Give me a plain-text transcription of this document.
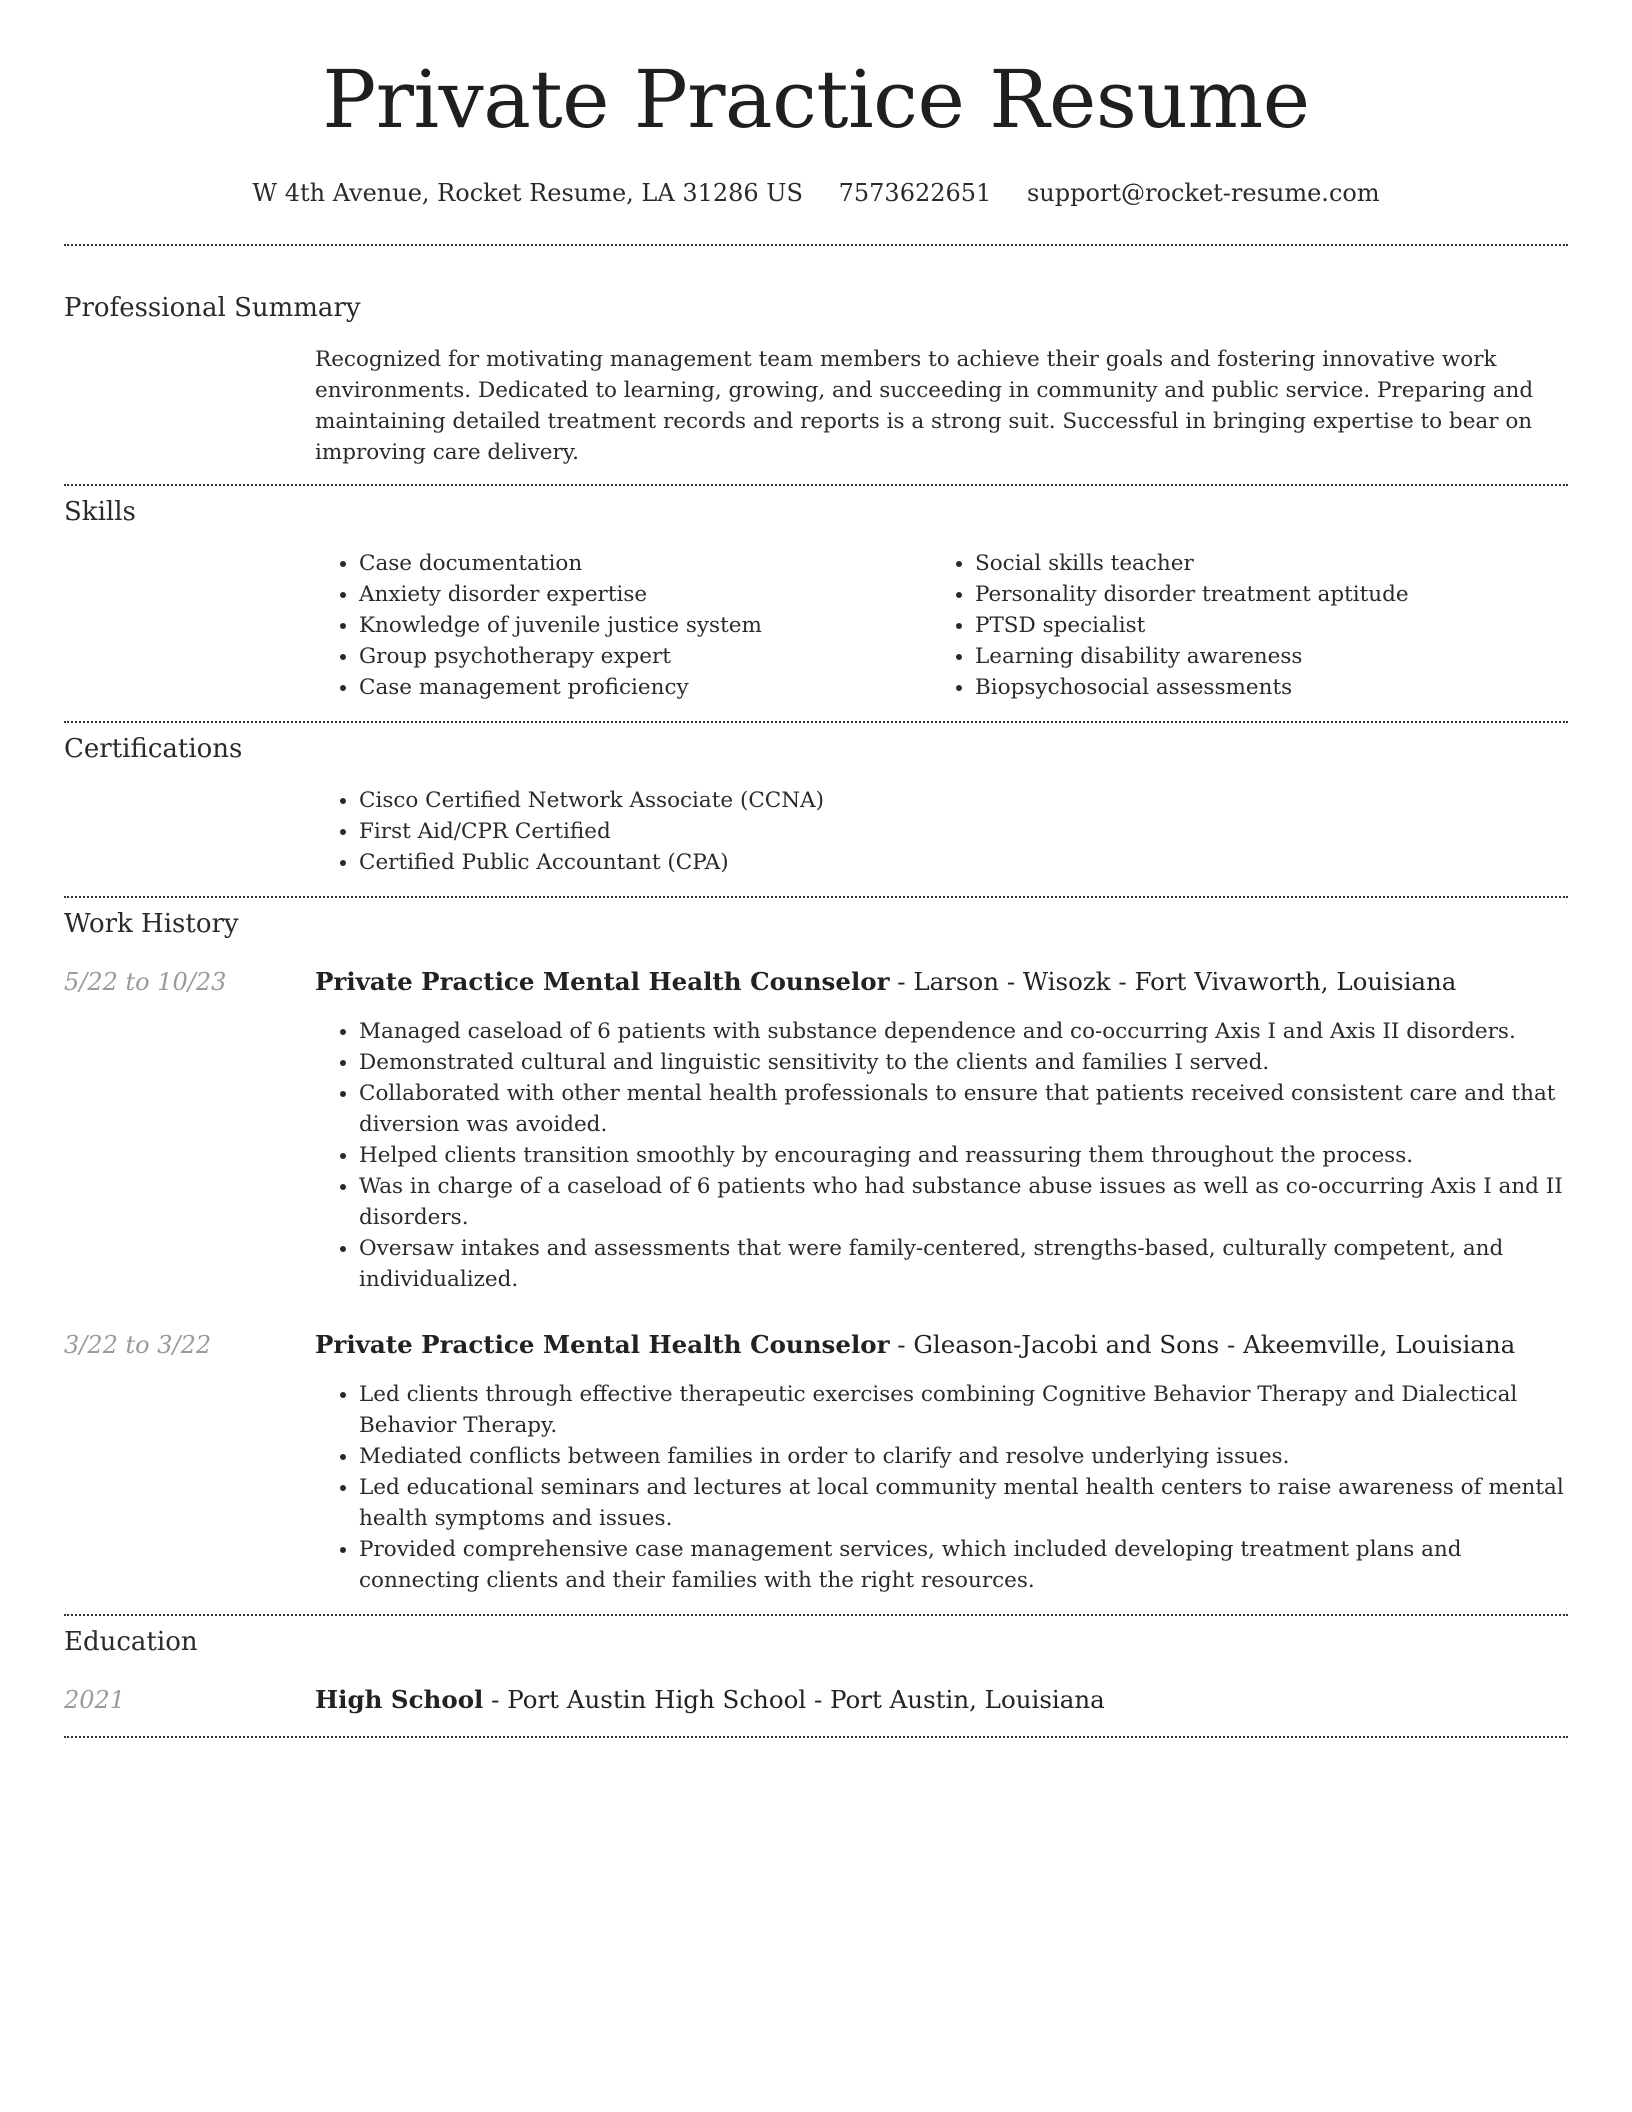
Private Practice Resume
W 4th Avenue, Rocket Resume, LA 31286 US 7573622651 support@rocket-resume.com
Professional Summary

Recognized for motivating management team members to achieve their goals and fostering innovative work environments. Dedicated to learning, growing, and succeeding in community and public service. Preparing and maintaining detailed treatment records and reports is a strong suit. Successful in bringing expertise to bear on improving care delivery.

Skills
• Case documentation
• Anxiety disorder expertise
• Knowledge of juvenile justice system
• Group psychotherapy expert
• Case management proficiency
• Social skills teacher
• Personality disorder treatment aptitude
• PTSD specialist
• Learning disability awareness
• Biopsychosocial assessments
Certifications
• Cisco Certified Network Associate (CCNA)
• First Aid/CPR Certified
• Certified Public Accountant (CPA)
Work History
5/22 to 10/23	Private Practice Mental Health Counselor - Larson - Wisozk - Fort Vivaworth, Louisiana
• Managed caseload of 6 patients with substance dependence and co-occurring Axis I and Axis II disorders.
• Demonstrated cultural and linguistic sensitivity to the clients and families I served.
• Collaborated with other mental health professionals to ensure that patients received consistent care and that diversion was avoided.
• Helped clients transition smoothly by encouraging and reassuring them throughout the process.
• Was in charge of a caseload of 6 patients who had substance abuse issues as well as co-occurring Axis I and II disorders.
• Oversaw intakes and assessments that were family-centered, strengths-based, culturally competent, and individualized.
3/22 to 3/22	Private Practice Mental Health Counselor - Gleason-Jacobi and Sons - Akeemville, Louisiana
• Led clients through effective therapeutic exercises combining Cognitive Behavior Therapy and Dialectical Behavior Therapy.
• Mediated conflicts between families in order to clarify and resolve underlying issues.
• Led educational seminars and lectures at local community mental health centers to raise awareness of mental health symptoms and issues.
• Provided comprehensive case management services, which included developing treatment plans and connecting clients and their families with the right resources.
Education
2021	High School - Port Austin High School - Port Austin, Louisiana
